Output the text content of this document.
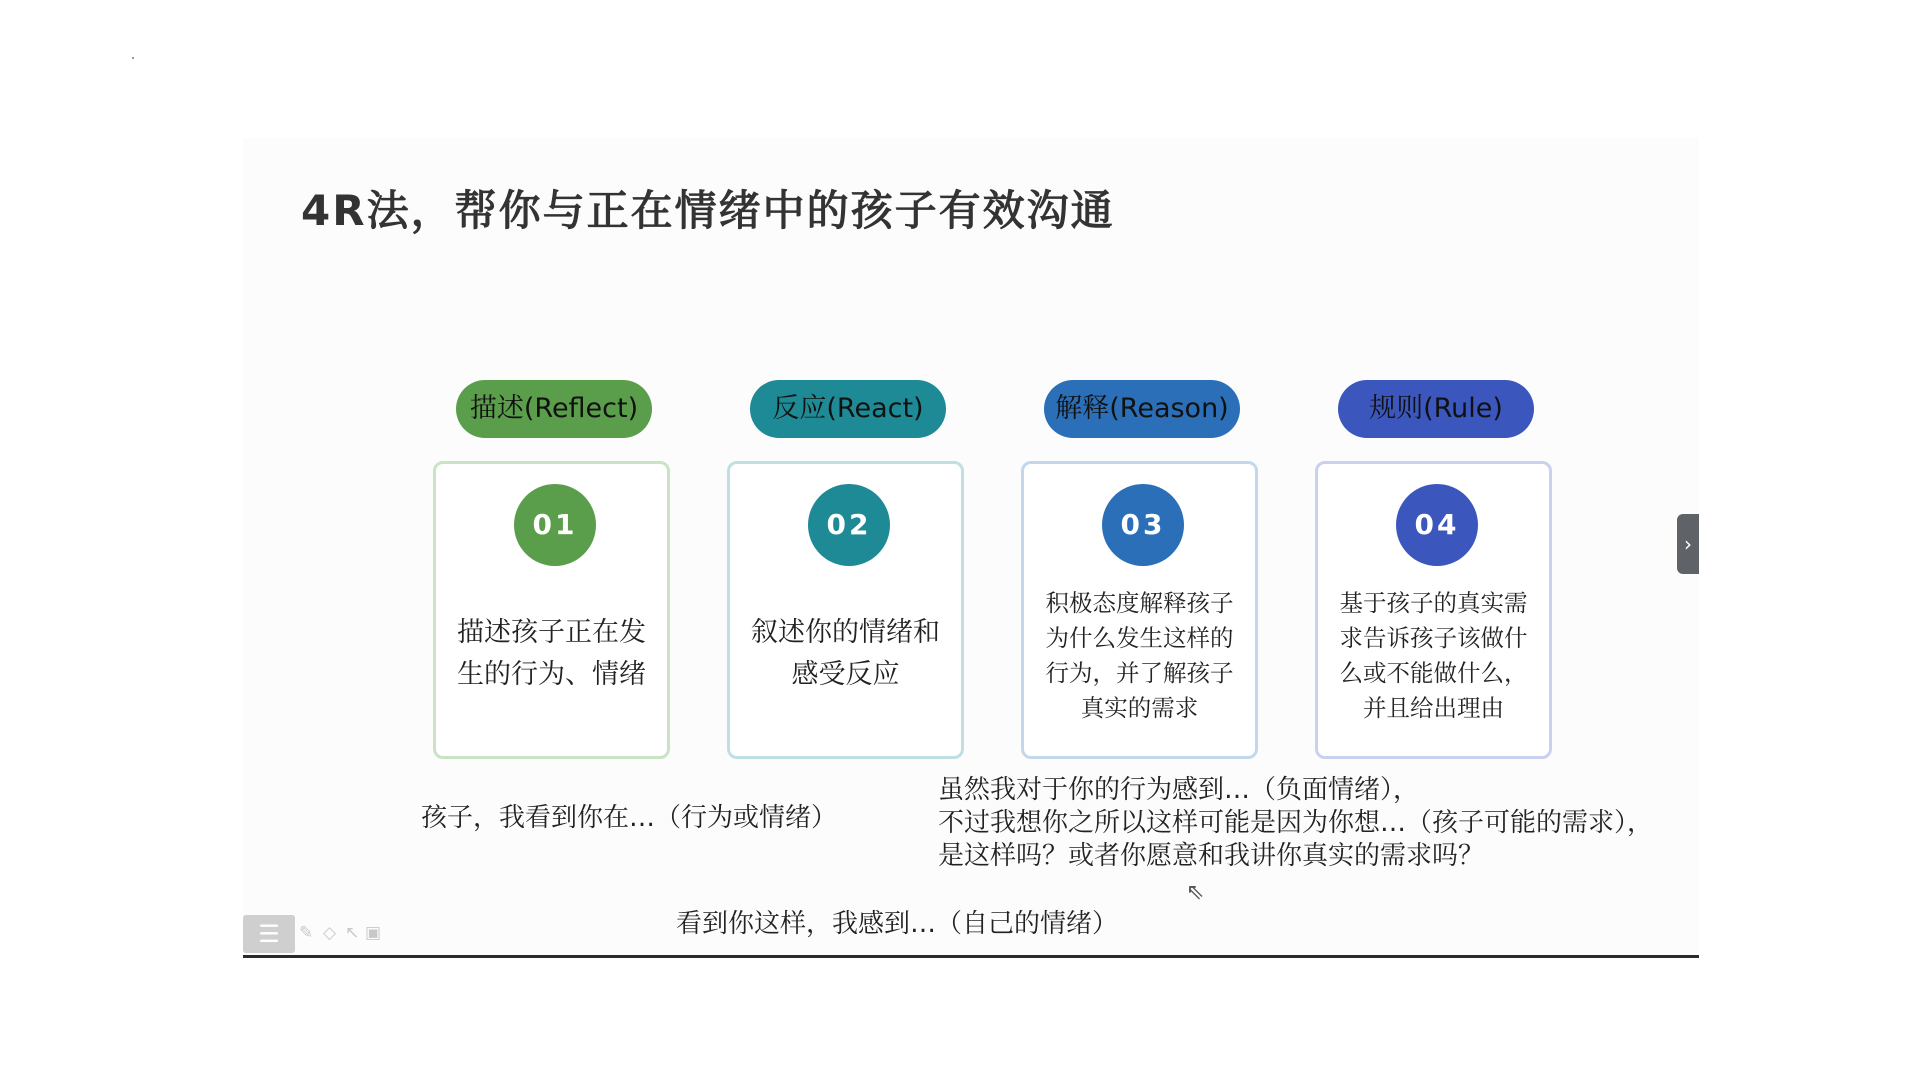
4R法，帮你与正在情绪中的孩子有效沟通
描述(Reflect)
01
描述孩子正在发
生的行为、情绪
反应(React)
02
叙述你的情绪和
感受反应
解释(Reason)
03
积极态度解释孩子
为什么发生这样的
行为，并了解孩子
真实的需求
规则(Rule)
04
基于孩子的真实需
求告诉孩子该做什
么或不能做什么，
并且给出理由
孩子，我看到你在…（行为或情绪）
虽然我对于你的行为感到…（负面情绪），
不过我想你之所以这样可能是因为你想…（孩子可能的需求），
是这样吗？或者你愿意和我讲你真实的需求吗？
看到你这样，我感到…（自己的情绪）
›
☰	✎ ◇ ↖ ▣
⇖
